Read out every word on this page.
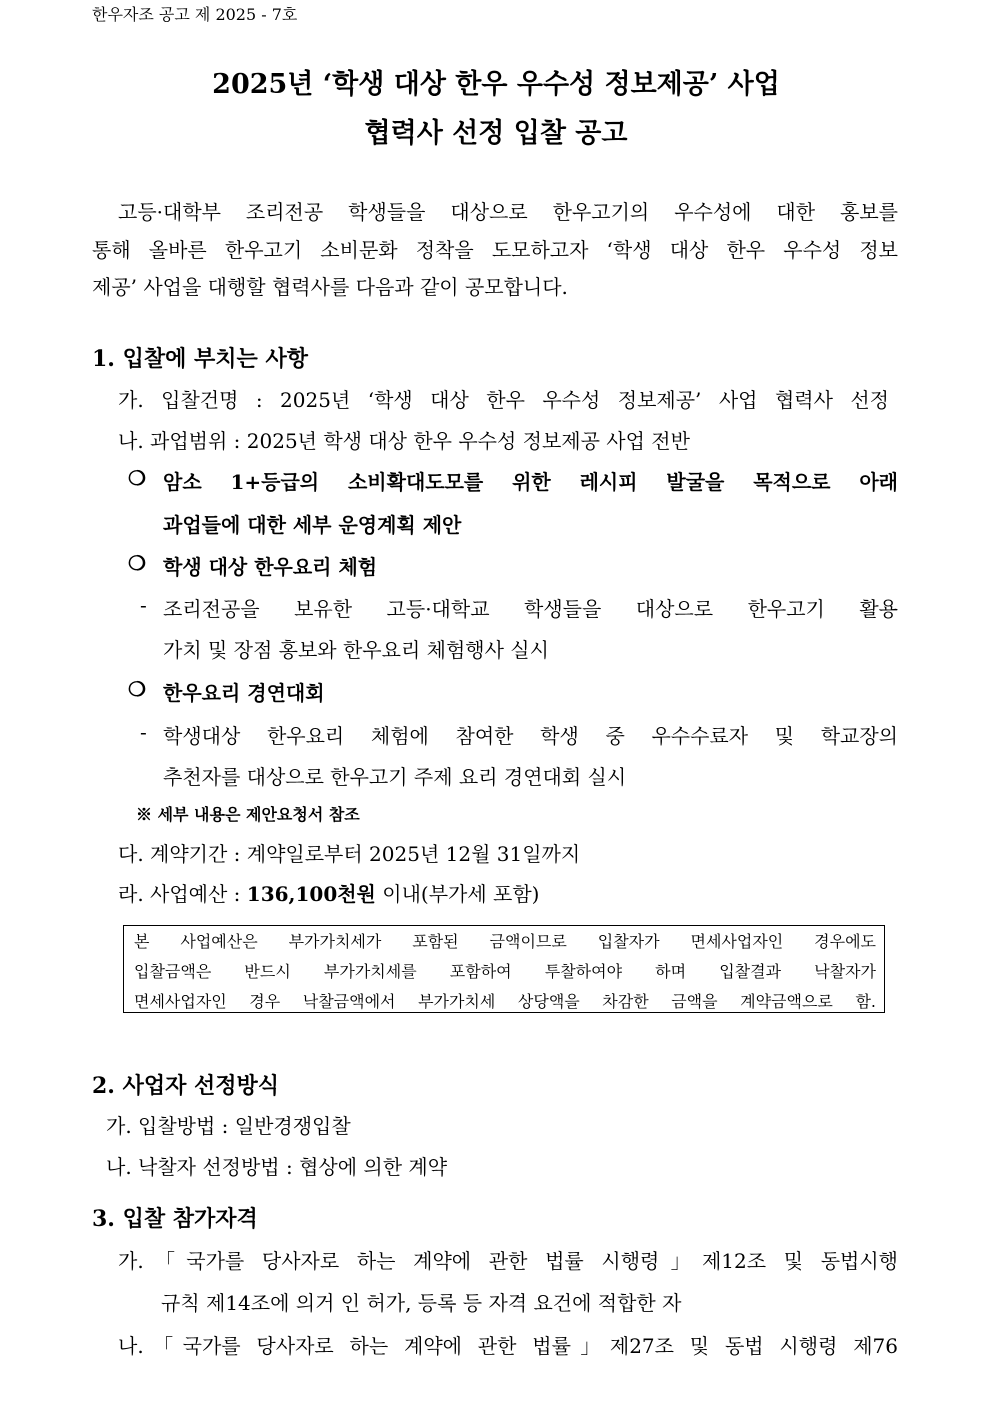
한우자조 공고 제 2025 - 7호
2025년 ‘학생 대상 한우 우수성 정보제공’ 사업
협력사 선정 입찰 공고
고등·대학부 조리전공 학생들을 대상으로 한우고기의 우수성에 대한 홍보를
통해 올바른 한우고기 소비문화 정착을 도모하고자 ‘학생 대상 한우 우수성 정보
제공’ 사업을 대행할 협력사를 다음과 같이 공모합니다.
1. 입찰에 부치는 사항
가. 입찰건명 : 2025년 ‘학생 대상 한우 우수성 정보제공’ 사업 협력사 선정
나. 과업범위 : 2025년 학생 대상 한우 우수성 정보제공 사업 전반
❍ 암소 1+등급의 소비확대도모를 위한 레시피 발굴을 목적으로 아래
과업들에 대한 세부 운영계획 제안
❍ 학생 대상 한우요리 체험
- 조리전공을 보유한 고등·대학교 학생들을 대상으로 한우고기 활용
가치 및 장점 홍보와 한우요리 체험행사 실시
❍ 한우요리 경연대회
- 학생대상 한우요리 체험에 참여한 학생 중 우수수료자 및 학교장의
추천자를 대상으로 한우고기 주제 요리 경연대회 실시
※ 세부 내용은 제안요청서 참조
다. 계약기간 : 계약일로부터 2025년 12월 31일까지
라. 사업예산 : 136,100천원 이내(부가세 포함)
본 사업예산은 부가가치세가 포함된 금액이므로 입찰자가 면세사업자인 경우에도
입찰금액은 반드시 부가가치세를 포함하여 투찰하여야 하며 입찰결과 낙찰자가
면세사업자인 경우 낙찰금액에서 부가가치세 상당액을 차감한 금액을 계약금액으로 함.
2. 사업자 선정방식
가. 입찰방법 : 일반경쟁입찰
나. 낙찰자 선정방법 : 협상에 의한 계약
3. 입찰 참가자격
가.「국가를 당사자로 하는 계약에 관한 법률 시행령」제12조 및 동법시행
규칙 제14조에 의거 인 허가, 등록 등 자격 요건에 적합한 자
나.「국가를 당사자로 하는 계약에 관한 법률」제27조 및 동법 시행령 제76
